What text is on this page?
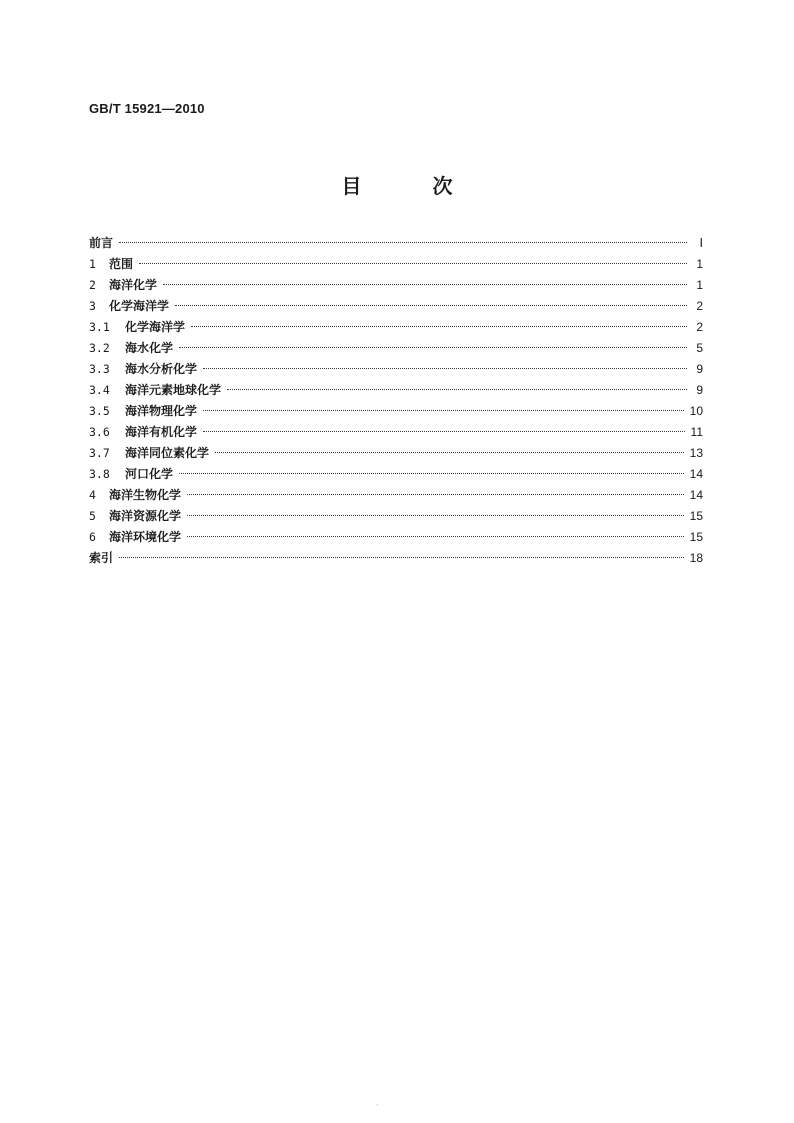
GB/T 15921—2010
目 次
前言	Ⅰ
1	范围	1
2	海洋化学	1
3	化学海洋学	2
3.1	化学海洋学	2
3.2	海水化学	5
3.3	海水分析化学	9
3.4	海洋元素地球化学	9
3.5	海洋物理化学	10
3.6	海洋有机化学	11
3.7	海洋同位素化学	13
3.8	河口化学	14
4	海洋生物化学	14
5	海洋资源化学	15
6	海洋环境化学	15
索引	18
·
